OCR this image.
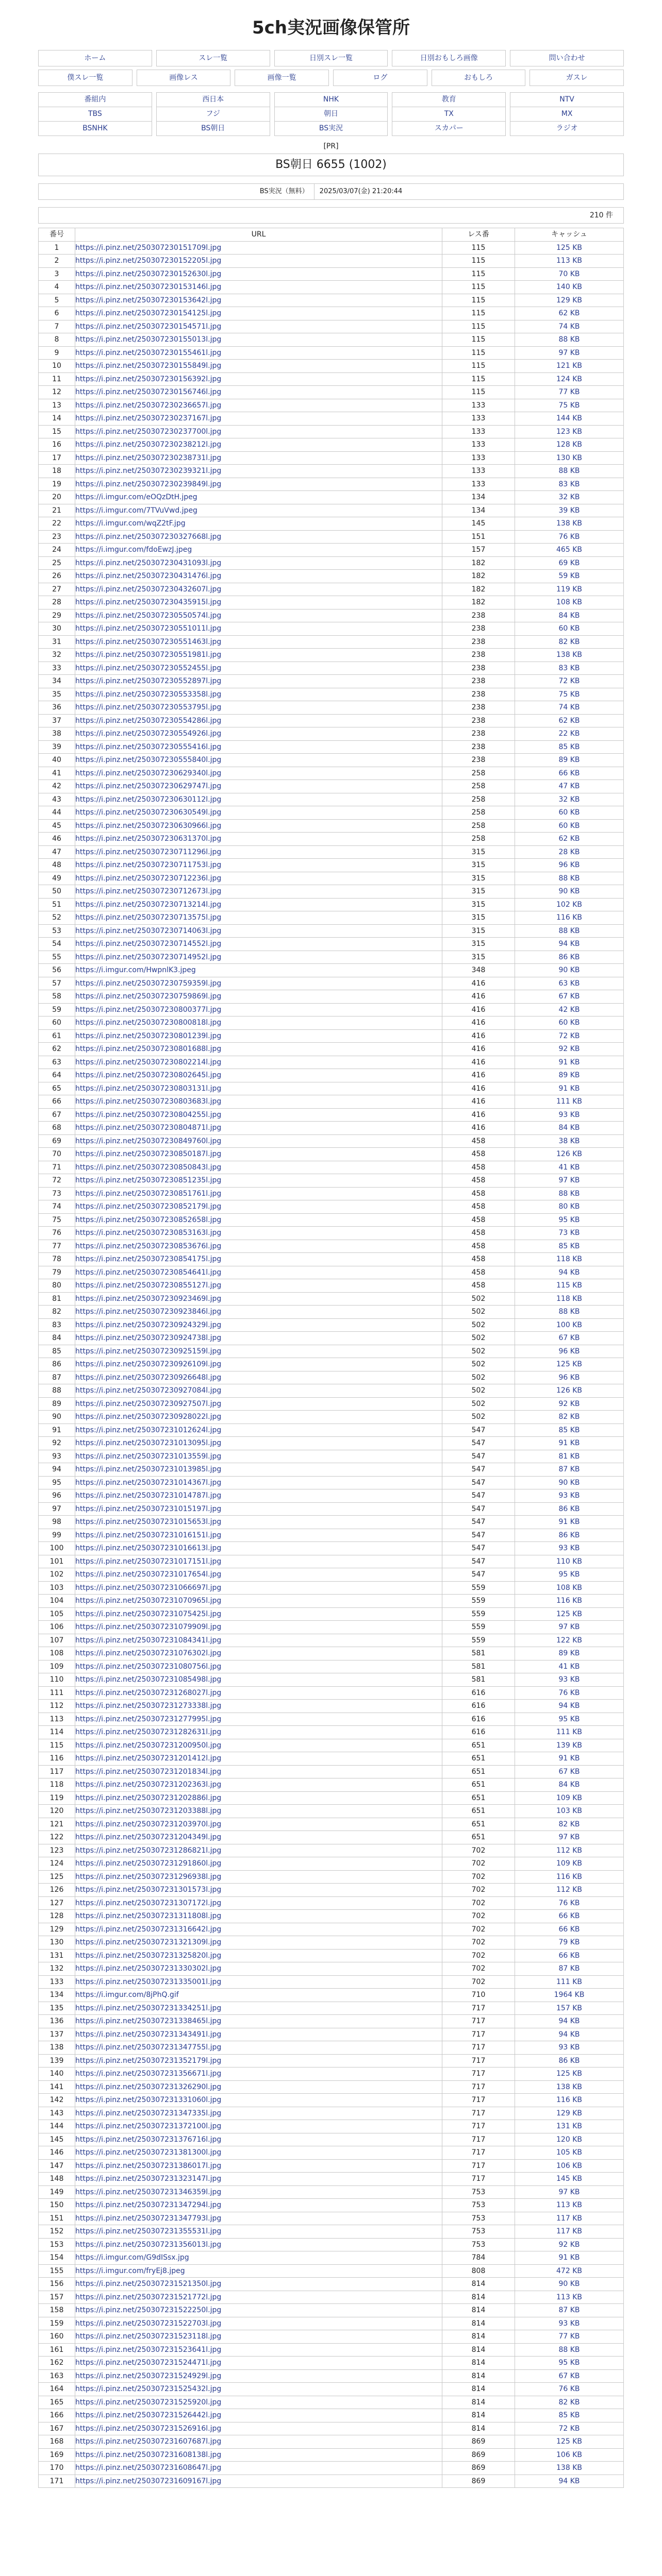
5ch実況画像保管所
ホーム	スレ一覧	日別スレ一覧	日別おもしろ画像	問い合わせ
僕スレ一覧	画像レス	画像一覧	ログ	おもしろ	ガスレ
番組内	西日本	NHK	教育	NTV
TBS	フジ	朝日	TX	MX
BSNHK	BS朝日	BS実況	スカパー	ラジオ
[PR]
BS朝日 6655 (1002)
BS実況（無料） 2025/03/07(金) 21:20:44
210 件
番号	URL	レス番	キャッシュ
1	https://i.pinz.net/250307230151709l.jpg	115	125 KB
2	https://i.pinz.net/250307230152205l.jpg	115	113 KB
3	https://i.pinz.net/250307230152630l.jpg	115	70 KB
4	https://i.pinz.net/250307230153146l.jpg	115	140 KB
5	https://i.pinz.net/250307230153642l.jpg	115	129 KB
6	https://i.pinz.net/250307230154125l.jpg	115	62 KB
7	https://i.pinz.net/250307230154571l.jpg	115	74 KB
8	https://i.pinz.net/250307230155013l.jpg	115	88 KB
9	https://i.pinz.net/250307230155461l.jpg	115	97 KB
10	https://i.pinz.net/250307230155849l.jpg	115	121 KB
11	https://i.pinz.net/250307230156392l.jpg	115	124 KB
12	https://i.pinz.net/250307230156746l.jpg	115	77 KB
13	https://i.pinz.net/250307230236657l.jpg	133	75 KB
14	https://i.pinz.net/250307230237167l.jpg	133	144 KB
15	https://i.pinz.net/250307230237700l.jpg	133	123 KB
16	https://i.pinz.net/250307230238212l.jpg	133	128 KB
17	https://i.pinz.net/250307230238731l.jpg	133	130 KB
18	https://i.pinz.net/250307230239321l.jpg	133	88 KB
19	https://i.pinz.net/250307230239849l.jpg	133	83 KB
20	https://i.imgur.com/eOQzDtH.jpeg	134	32 KB
21	https://i.imgur.com/7TVuVwd.jpeg	134	39 KB
22	https://i.imgur.com/wqZ2tF.jpg	145	138 KB
23	https://i.pinz.net/250307230327668l.jpg	151	76 KB
24	https://i.imgur.com/fdoEwzJ.jpeg	157	465 KB
25	https://i.pinz.net/250307230431093l.jpg	182	69 KB
26	https://i.pinz.net/250307230431476l.jpg	182	59 KB
27	https://i.pinz.net/250307230432607l.jpg	182	119 KB
28	https://i.pinz.net/250307230435915l.jpg	182	108 KB
29	https://i.pinz.net/250307230550574l.jpg	238	84 KB
30	https://i.pinz.net/250307230551011l.jpg	238	60 KB
31	https://i.pinz.net/250307230551463l.jpg	238	82 KB
32	https://i.pinz.net/250307230551981l.jpg	238	138 KB
33	https://i.pinz.net/250307230552455l.jpg	238	83 KB
34	https://i.pinz.net/250307230552897l.jpg	238	72 KB
35	https://i.pinz.net/250307230553358l.jpg	238	75 KB
36	https://i.pinz.net/250307230553795l.jpg	238	74 KB
37	https://i.pinz.net/250307230554286l.jpg	238	62 KB
38	https://i.pinz.net/250307230554926l.jpg	238	22 KB
39	https://i.pinz.net/250307230555416l.jpg	238	85 KB
40	https://i.pinz.net/250307230555840l.jpg	238	89 KB
41	https://i.pinz.net/250307230629340l.jpg	258	66 KB
42	https://i.pinz.net/250307230629747l.jpg	258	47 KB
43	https://i.pinz.net/250307230630112l.jpg	258	32 KB
44	https://i.pinz.net/250307230630549l.jpg	258	60 KB
45	https://i.pinz.net/250307230630966l.jpg	258	60 KB
46	https://i.pinz.net/250307230631370l.jpg	258	62 KB
47	https://i.pinz.net/250307230711296l.jpg	315	28 KB
48	https://i.pinz.net/250307230711753l.jpg	315	96 KB
49	https://i.pinz.net/250307230712236l.jpg	315	88 KB
50	https://i.pinz.net/250307230712673l.jpg	315	90 KB
51	https://i.pinz.net/250307230713214l.jpg	315	102 KB
52	https://i.pinz.net/250307230713575l.jpg	315	116 KB
53	https://i.pinz.net/250307230714063l.jpg	315	88 KB
54	https://i.pinz.net/250307230714552l.jpg	315	94 KB
55	https://i.pinz.net/250307230714952l.jpg	315	86 KB
56	https://i.imgur.com/HwpnlK3.jpeg	348	90 KB
57	https://i.pinz.net/250307230759359l.jpg	416	63 KB
58	https://i.pinz.net/250307230759869l.jpg	416	67 KB
59	https://i.pinz.net/250307230800377l.jpg	416	42 KB
60	https://i.pinz.net/250307230800818l.jpg	416	60 KB
61	https://i.pinz.net/250307230801239l.jpg	416	72 KB
62	https://i.pinz.net/250307230801688l.jpg	416	92 KB
63	https://i.pinz.net/250307230802214l.jpg	416	91 KB
64	https://i.pinz.net/250307230802645l.jpg	416	89 KB
65	https://i.pinz.net/250307230803131l.jpg	416	91 KB
66	https://i.pinz.net/250307230803683l.jpg	416	111 KB
67	https://i.pinz.net/250307230804255l.jpg	416	93 KB
68	https://i.pinz.net/250307230804871l.jpg	416	84 KB
69	https://i.pinz.net/250307230849760l.jpg	458	38 KB
70	https://i.pinz.net/250307230850187l.jpg	458	126 KB
71	https://i.pinz.net/250307230850843l.jpg	458	41 KB
72	https://i.pinz.net/250307230851235l.jpg	458	97 KB
73	https://i.pinz.net/250307230851761l.jpg	458	88 KB
74	https://i.pinz.net/250307230852179l.jpg	458	80 KB
75	https://i.pinz.net/250307230852658l.jpg	458	95 KB
76	https://i.pinz.net/250307230853163l.jpg	458	73 KB
77	https://i.pinz.net/250307230853676l.jpg	458	85 KB
78	https://i.pinz.net/250307230854175l.jpg	458	118 KB
79	https://i.pinz.net/250307230854641l.jpg	458	94 KB
80	https://i.pinz.net/250307230855127l.jpg	458	115 KB
81	https://i.pinz.net/250307230923469l.jpg	502	118 KB
82	https://i.pinz.net/250307230923846l.jpg	502	88 KB
83	https://i.pinz.net/250307230924329l.jpg	502	100 KB
84	https://i.pinz.net/250307230924738l.jpg	502	67 KB
85	https://i.pinz.net/250307230925159l.jpg	502	96 KB
86	https://i.pinz.net/250307230926109l.jpg	502	125 KB
87	https://i.pinz.net/250307230926648l.jpg	502	96 KB
88	https://i.pinz.net/250307230927084l.jpg	502	126 KB
89	https://i.pinz.net/250307230927507l.jpg	502	92 KB
90	https://i.pinz.net/250307230928022l.jpg	502	82 KB
91	https://i.pinz.net/250307231012624l.jpg	547	85 KB
92	https://i.pinz.net/250307231013095l.jpg	547	91 KB
93	https://i.pinz.net/250307231013559l.jpg	547	81 KB
94	https://i.pinz.net/250307231013985l.jpg	547	87 KB
95	https://i.pinz.net/250307231014367l.jpg	547	90 KB
96	https://i.pinz.net/250307231014787l.jpg	547	93 KB
97	https://i.pinz.net/250307231015197l.jpg	547	86 KB
98	https://i.pinz.net/250307231015653l.jpg	547	91 KB
99	https://i.pinz.net/250307231016151l.jpg	547	86 KB
100	https://i.pinz.net/250307231016613l.jpg	547	93 KB
101	https://i.pinz.net/250307231017151l.jpg	547	110 KB
102	https://i.pinz.net/250307231017654l.jpg	547	95 KB
103	https://i.pinz.net/250307231066697l.jpg	559	108 KB
104	https://i.pinz.net/250307231070965l.jpg	559	116 KB
105	https://i.pinz.net/250307231075425l.jpg	559	125 KB
106	https://i.pinz.net/250307231079909l.jpg	559	97 KB
107	https://i.pinz.net/250307231084341l.jpg	559	122 KB
108	https://i.pinz.net/250307231076302l.jpg	581	89 KB
109	https://i.pinz.net/250307231080756l.jpg	581	41 KB
110	https://i.pinz.net/250307231085498l.jpg	581	93 KB
111	https://i.pinz.net/250307231268027l.jpg	616	76 KB
112	https://i.pinz.net/250307231273338l.jpg	616	94 KB
113	https://i.pinz.net/250307231277995l.jpg	616	95 KB
114	https://i.pinz.net/250307231282631l.jpg	616	111 KB
115	https://i.pinz.net/250307231200950l.jpg	651	139 KB
116	https://i.pinz.net/250307231201412l.jpg	651	91 KB
117	https://i.pinz.net/250307231201834l.jpg	651	67 KB
118	https://i.pinz.net/250307231202363l.jpg	651	84 KB
119	https://i.pinz.net/250307231202886l.jpg	651	109 KB
120	https://i.pinz.net/250307231203388l.jpg	651	103 KB
121	https://i.pinz.net/250307231203970l.jpg	651	82 KB
122	https://i.pinz.net/250307231204349l.jpg	651	97 KB
123	https://i.pinz.net/250307231286821l.jpg	702	112 KB
124	https://i.pinz.net/250307231291860l.jpg	702	109 KB
125	https://i.pinz.net/250307231296938l.jpg	702	116 KB
126	https://i.pinz.net/250307231301573l.jpg	702	112 KB
127	https://i.pinz.net/250307231307172l.jpg	702	76 KB
128	https://i.pinz.net/250307231311808l.jpg	702	66 KB
129	https://i.pinz.net/250307231316642l.jpg	702	66 KB
130	https://i.pinz.net/250307231321309l.jpg	702	79 KB
131	https://i.pinz.net/250307231325820l.jpg	702	66 KB
132	https://i.pinz.net/250307231330302l.jpg	702	87 KB
133	https://i.pinz.net/250307231335001l.jpg	702	111 KB
134	https://i.imgur.com/8jPhQ.gif	710	1964 KB
135	https://i.pinz.net/250307231334251l.jpg	717	157 KB
136	https://i.pinz.net/250307231338465l.jpg	717	94 KB
137	https://i.pinz.net/250307231343491l.jpg	717	94 KB
138	https://i.pinz.net/250307231347755l.jpg	717	93 KB
139	https://i.pinz.net/250307231352179l.jpg	717	86 KB
140	https://i.pinz.net/250307231356671l.jpg	717	125 KB
141	https://i.pinz.net/250307231326290l.jpg	717	138 KB
142	https://i.pinz.net/250307231331060l.jpg	717	116 KB
143	https://i.pinz.net/250307231347335l.jpg	717	129 KB
144	https://i.pinz.net/250307231372100l.jpg	717	131 KB
145	https://i.pinz.net/250307231376716l.jpg	717	120 KB
146	https://i.pinz.net/250307231381300l.jpg	717	105 KB
147	https://i.pinz.net/250307231386017l.jpg	717	106 KB
148	https://i.pinz.net/250307231323147l.jpg	717	145 KB
149	https://i.pinz.net/250307231346359l.jpg	753	97 KB
150	https://i.pinz.net/250307231347294l.jpg	753	113 KB
151	https://i.pinz.net/250307231347793l.jpg	753	117 KB
152	https://i.pinz.net/250307231355531l.jpg	753	117 KB
153	https://i.pinz.net/250307231356013l.jpg	753	92 KB
154	https://i.imgur.com/G9dISsx.jpg	784	91 KB
155	https://i.imgur.com/fryEj8.jpeg	808	472 KB
156	https://i.pinz.net/250307231521350l.jpg	814	90 KB
157	https://i.pinz.net/250307231521772l.jpg	814	113 KB
158	https://i.pinz.net/250307231522250l.jpg	814	87 KB
159	https://i.pinz.net/250307231522703l.jpg	814	93 KB
160	https://i.pinz.net/250307231523118l.jpg	814	77 KB
161	https://i.pinz.net/250307231523641l.jpg	814	88 KB
162	https://i.pinz.net/250307231524471l.jpg	814	95 KB
163	https://i.pinz.net/250307231524929l.jpg	814	67 KB
164	https://i.pinz.net/250307231525432l.jpg	814	76 KB
165	https://i.pinz.net/250307231525920l.jpg	814	82 KB
166	https://i.pinz.net/250307231526442l.jpg	814	85 KB
167	https://i.pinz.net/250307231526916l.jpg	814	72 KB
168	https://i.pinz.net/250307231607687l.jpg	869	125 KB
169	https://i.pinz.net/250307231608138l.jpg	869	106 KB
170	https://i.pinz.net/250307231608647l.jpg	869	138 KB
171	https://i.pinz.net/250307231609167l.jpg	869	94 KB
